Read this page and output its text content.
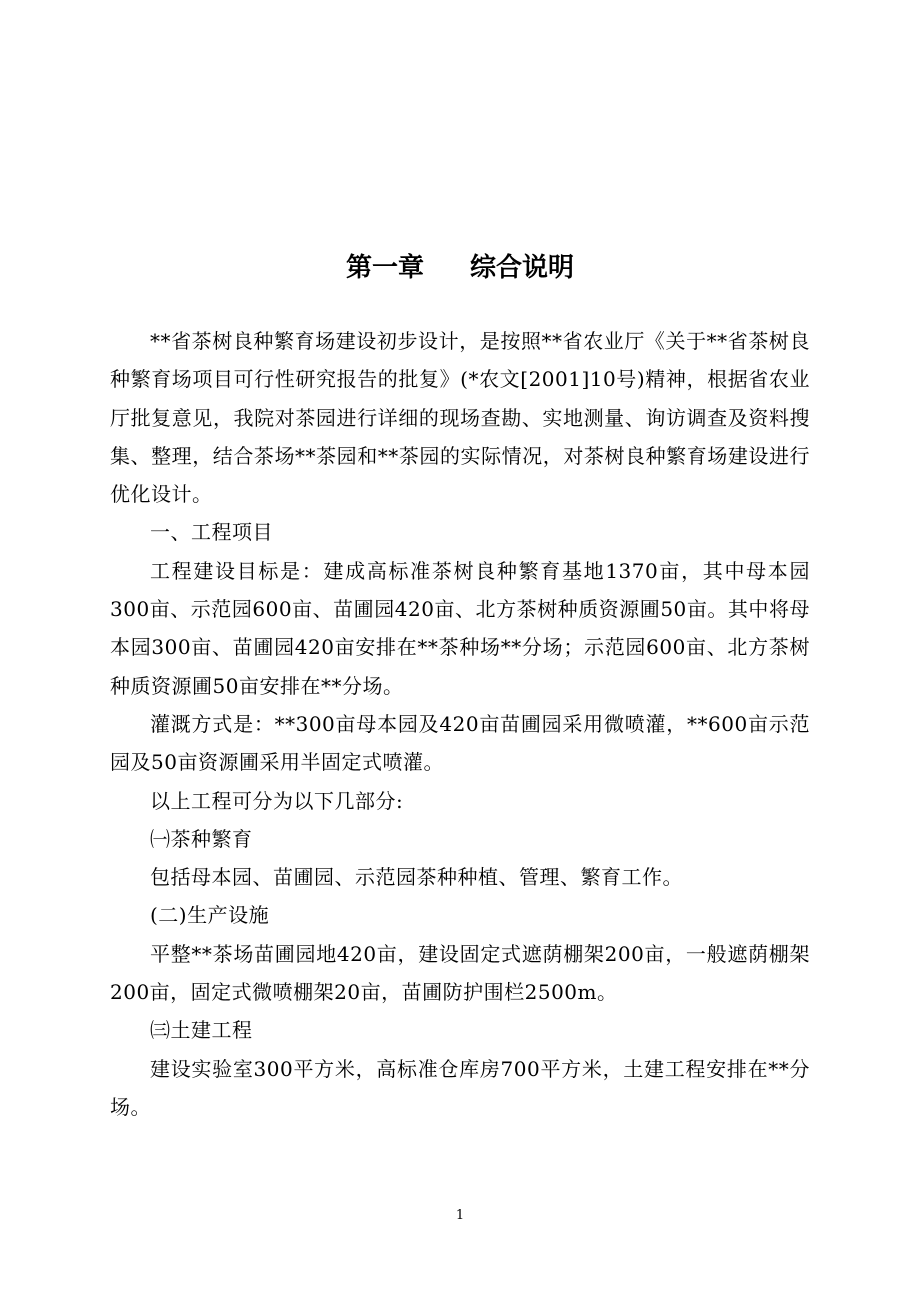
第一章 综合说明

**省茶树良种繁育场建设初步设计，是按照**省农业厅《关于**省茶树良种繁育场项目可行性研究报告的批复》(*农文[2001]10号)精神，根据省农业厅批复意见，我院对茶园进行详细的现场查勘、实地测量、询访调查及资料搜集、整理，结合茶场**茶园和**茶园的实际情况，对茶树良种繁育场建设进行优化设计。

一、工程项目

工程建设目标是：建成高标准茶树良种繁育基地1370亩，其中母本园300亩、示范园600亩、苗圃园420亩、北方茶树种质资源圃50亩。其中将母本园300亩、苗圃园420亩安排在**茶种场**分场；示范园600亩、北方茶树种质资源圃50亩安排在**分场。

灌溉方式是：**300亩母本园及420亩苗圃园采用微喷灌，**600亩示范园及50亩资源圃采用半固定式喷灌。

以上工程可分为以下几部分:

㈠茶种繁育

包括母本园、苗圃园、示范园茶种种植、管理、繁育工作。

(二)生产设施

平整**茶场苗圃园地420亩，建设固定式遮荫棚架200亩，一般遮荫棚架200亩，固定式微喷棚架20亩，苗圃防护围栏2500m。

㈢土建工程

建设实验室300平方米，高标准仓库房700平方米，土建工程安排在**分场。

1
